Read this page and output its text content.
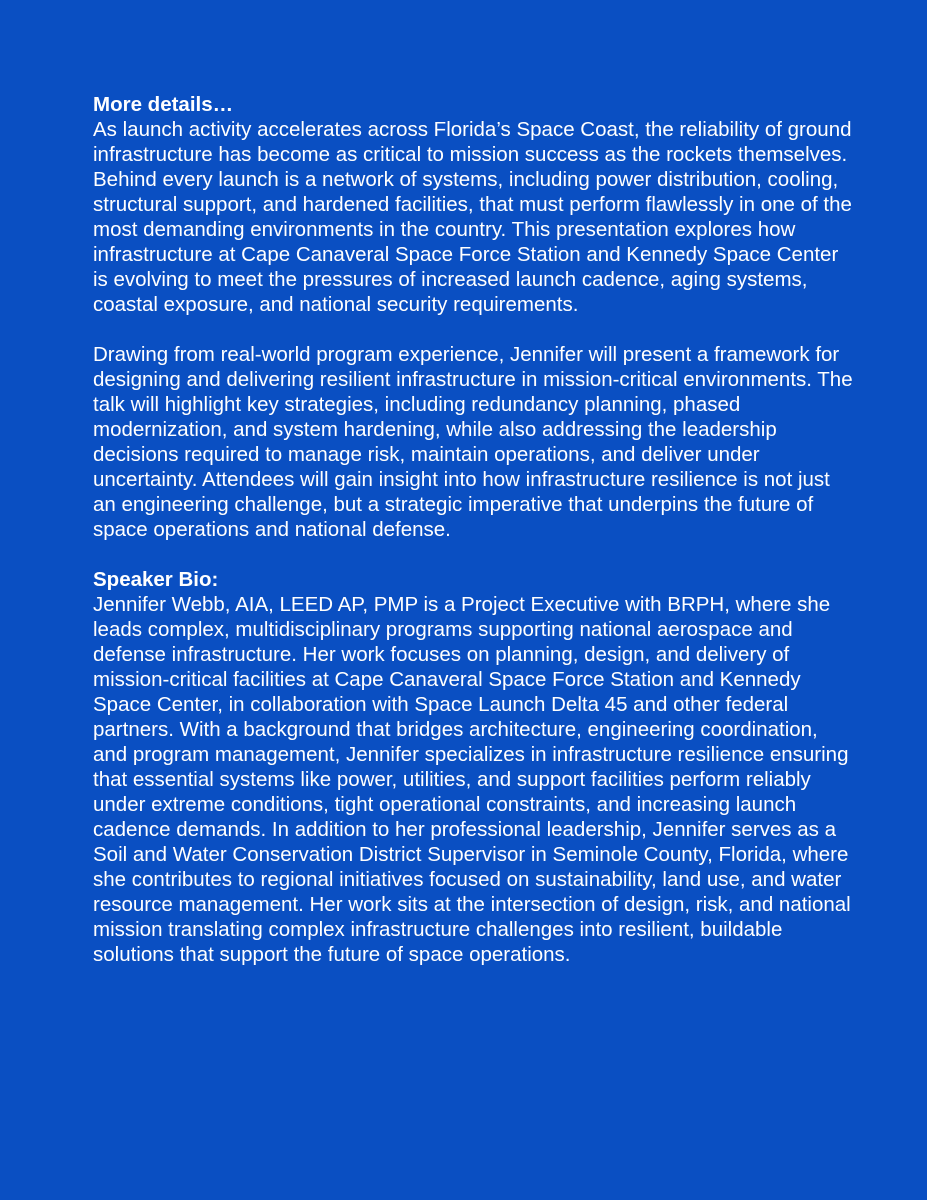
More details…

As launch activity accelerates across Florida’s Space Coast, the reliability of ground infrastructure has become as critical to mission success as the rockets themselves. Behind every launch is a network of systems, including power distribution, cooling, structural support, and hardened facilities, that must perform flawlessly in one of the most demanding environments in the country. This presentation explores how infrastructure at Cape Canaveral Space Force Station and Kennedy Space Center is evolving to meet the pressures of increased launch cadence, aging systems, coastal exposure, and national security requirements.

Drawing from real-world program experience, Jennifer will present a framework for designing and delivering resilient infrastructure in mission-critical environments. The talk will highlight key strategies, including redundancy planning, phased modernization, and system hardening, while also addressing the leadership decisions required to manage risk, maintain operations, and deliver under uncertainty. Attendees will gain insight into how infrastructure resilience is not just an engineering challenge, but a strategic imperative that underpins the future of space operations and national defense.

Speaker Bio:

Jennifer Webb, AIA, LEED AP, PMP is a Project Executive with BRPH, where she leads complex, multidisciplinary programs supporting national aerospace and defense infrastructure. Her work focuses on planning, design, and delivery of mission-critical facilities at Cape Canaveral Space Force Station and Kennedy Space Center, in collaboration with Space Launch Delta 45 and other federal partners. With a background that bridges architecture, engineering coordination, and program management, Jennifer specializes in infrastructure resilience ensuring that essential systems like power, utilities, and support facilities perform reliably under extreme conditions, tight operational constraints, and increasing launch cadence demands. In addition to her professional leadership, Jennifer serves as a Soil and Water Conservation District Supervisor in Seminole County, Florida, where she contributes to regional initiatives focused on sustainability, land use, and water resource management. Her work sits at the intersection of design, risk, and national mission translating complex infrastructure challenges into resilient, buildable solutions that support the future of space operations.
